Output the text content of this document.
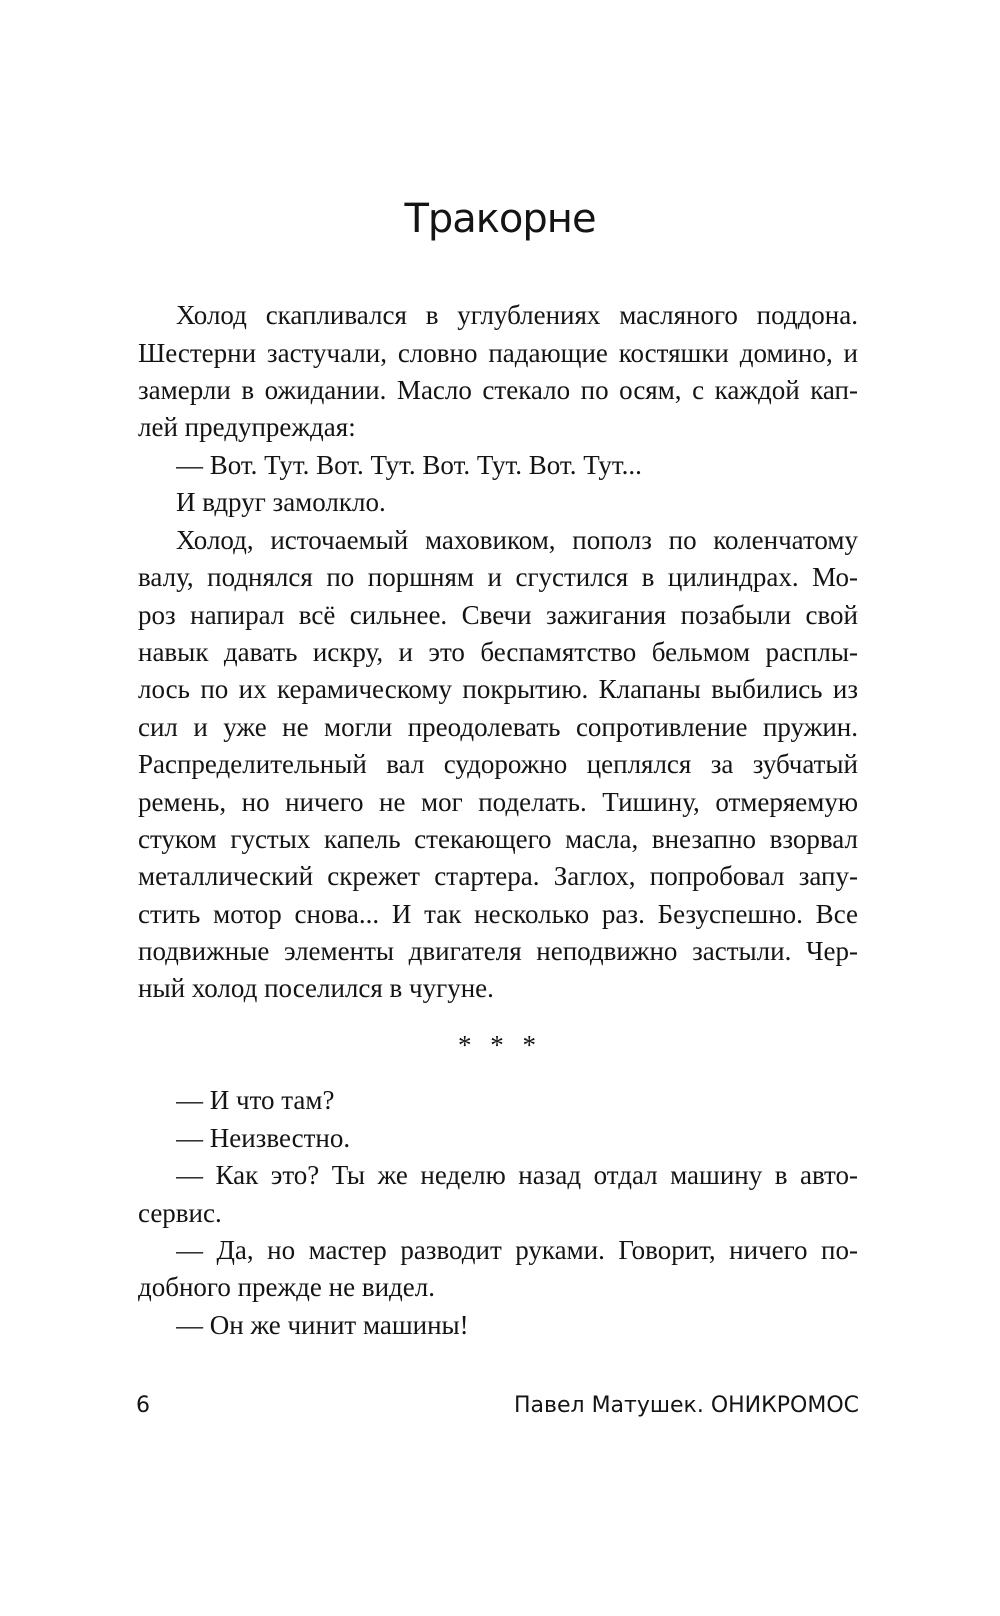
Тракорне
Холод скапливался в углублениях масляного поддона.
Шестерни застучали, словно падающие костяшки домино, и
замерли в ожидании. Масло стекало по осям, с каждой кап-
лей предупреждая:
— Вот. Тут. Вот. Тут. Вот. Тут. Вот. Тут...
И вдруг замолкло.
Холод, источаемый маховиком, пополз по коленчатому
валу, поднялся по поршням и сгустился в цилиндрах. Мо-
роз напирал всё сильнее. Свечи зажигания позабыли свой
навык давать искру, и это беспамятство бельмом расплы-
лось по их керамическому покрытию. Клапаны выбились из
сил и уже не могли преодолевать сопротивление пружин.
Распределительный вал судорожно цеплялся за зубчатый
ремень, но ничего не мог поделать. Тишину, отмеряемую
стуком густых капель стекающего масла, внезапно взорвал
металлический скрежет стартера. Заглох, попробовал запу-
стить мотор снова... И так несколько раз. Безуспешно. Все
подвижные элементы двигателя неподвижно застыли. Чер-
ный холод поселился в чугуне.
* * *
— И что там?
— Неизвестно.
— Как это? Ты же неделю назад отдал машину в авто-
сервис.
— Да, но мастер разводит руками. Говорит, ничего по-
добного прежде не видел.
— Он же чинит машины!
6	Павел Матушек. ОНИКРОМОС
